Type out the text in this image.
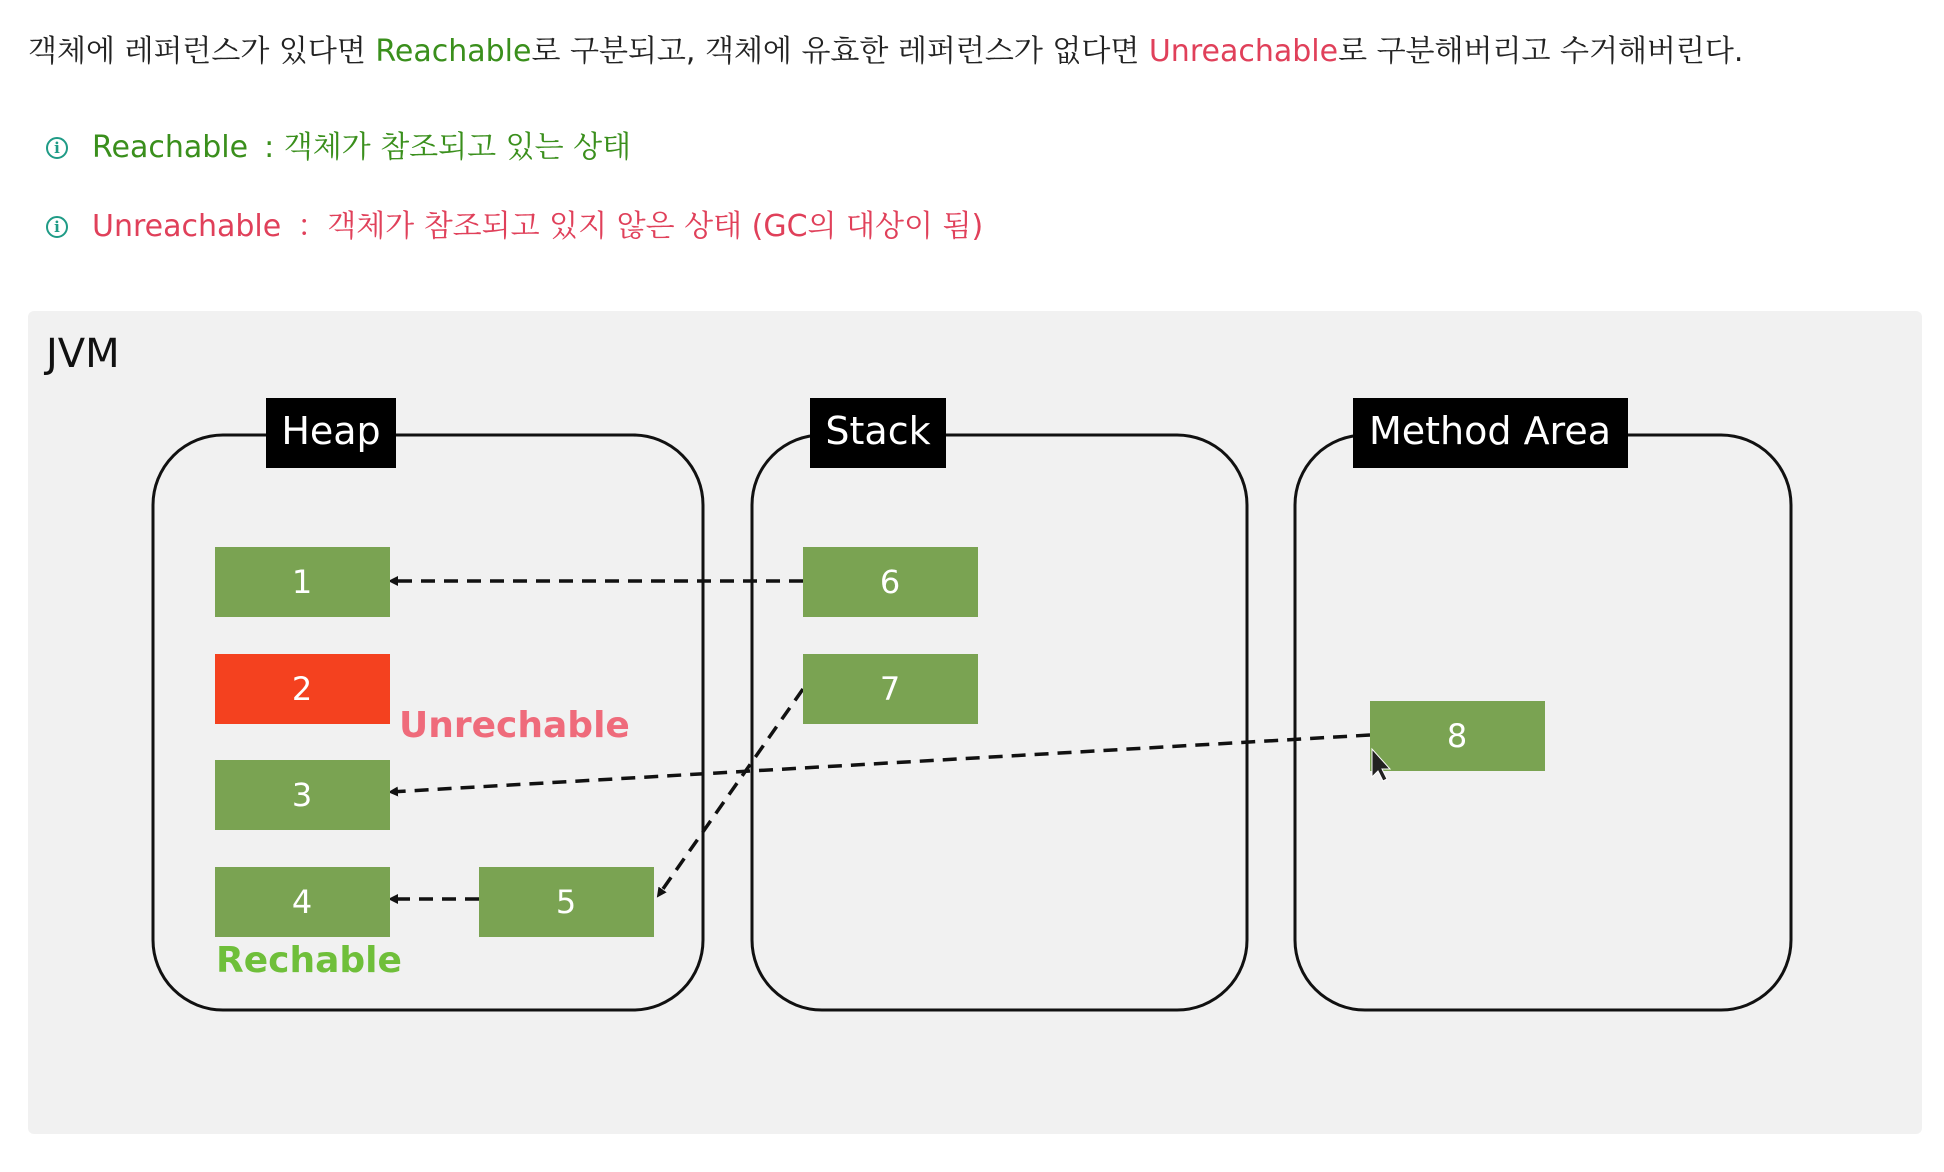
객체에 레퍼런스가 있다면 Reachable로 구분되고, 객체에 유효한 레퍼런스가 없다면 Unreachable로 구분해버리고 수거해버린다.
i Reachable : 객체가 참조되고 있는 상태
i Unreachable ：객체가 참조되고 있지 않은 상태 (GC의 대상이 됨)
JVM
Heap	Stack	Method Area
1
2
3
4	5
6
7
8
Unrechable
Rechable
